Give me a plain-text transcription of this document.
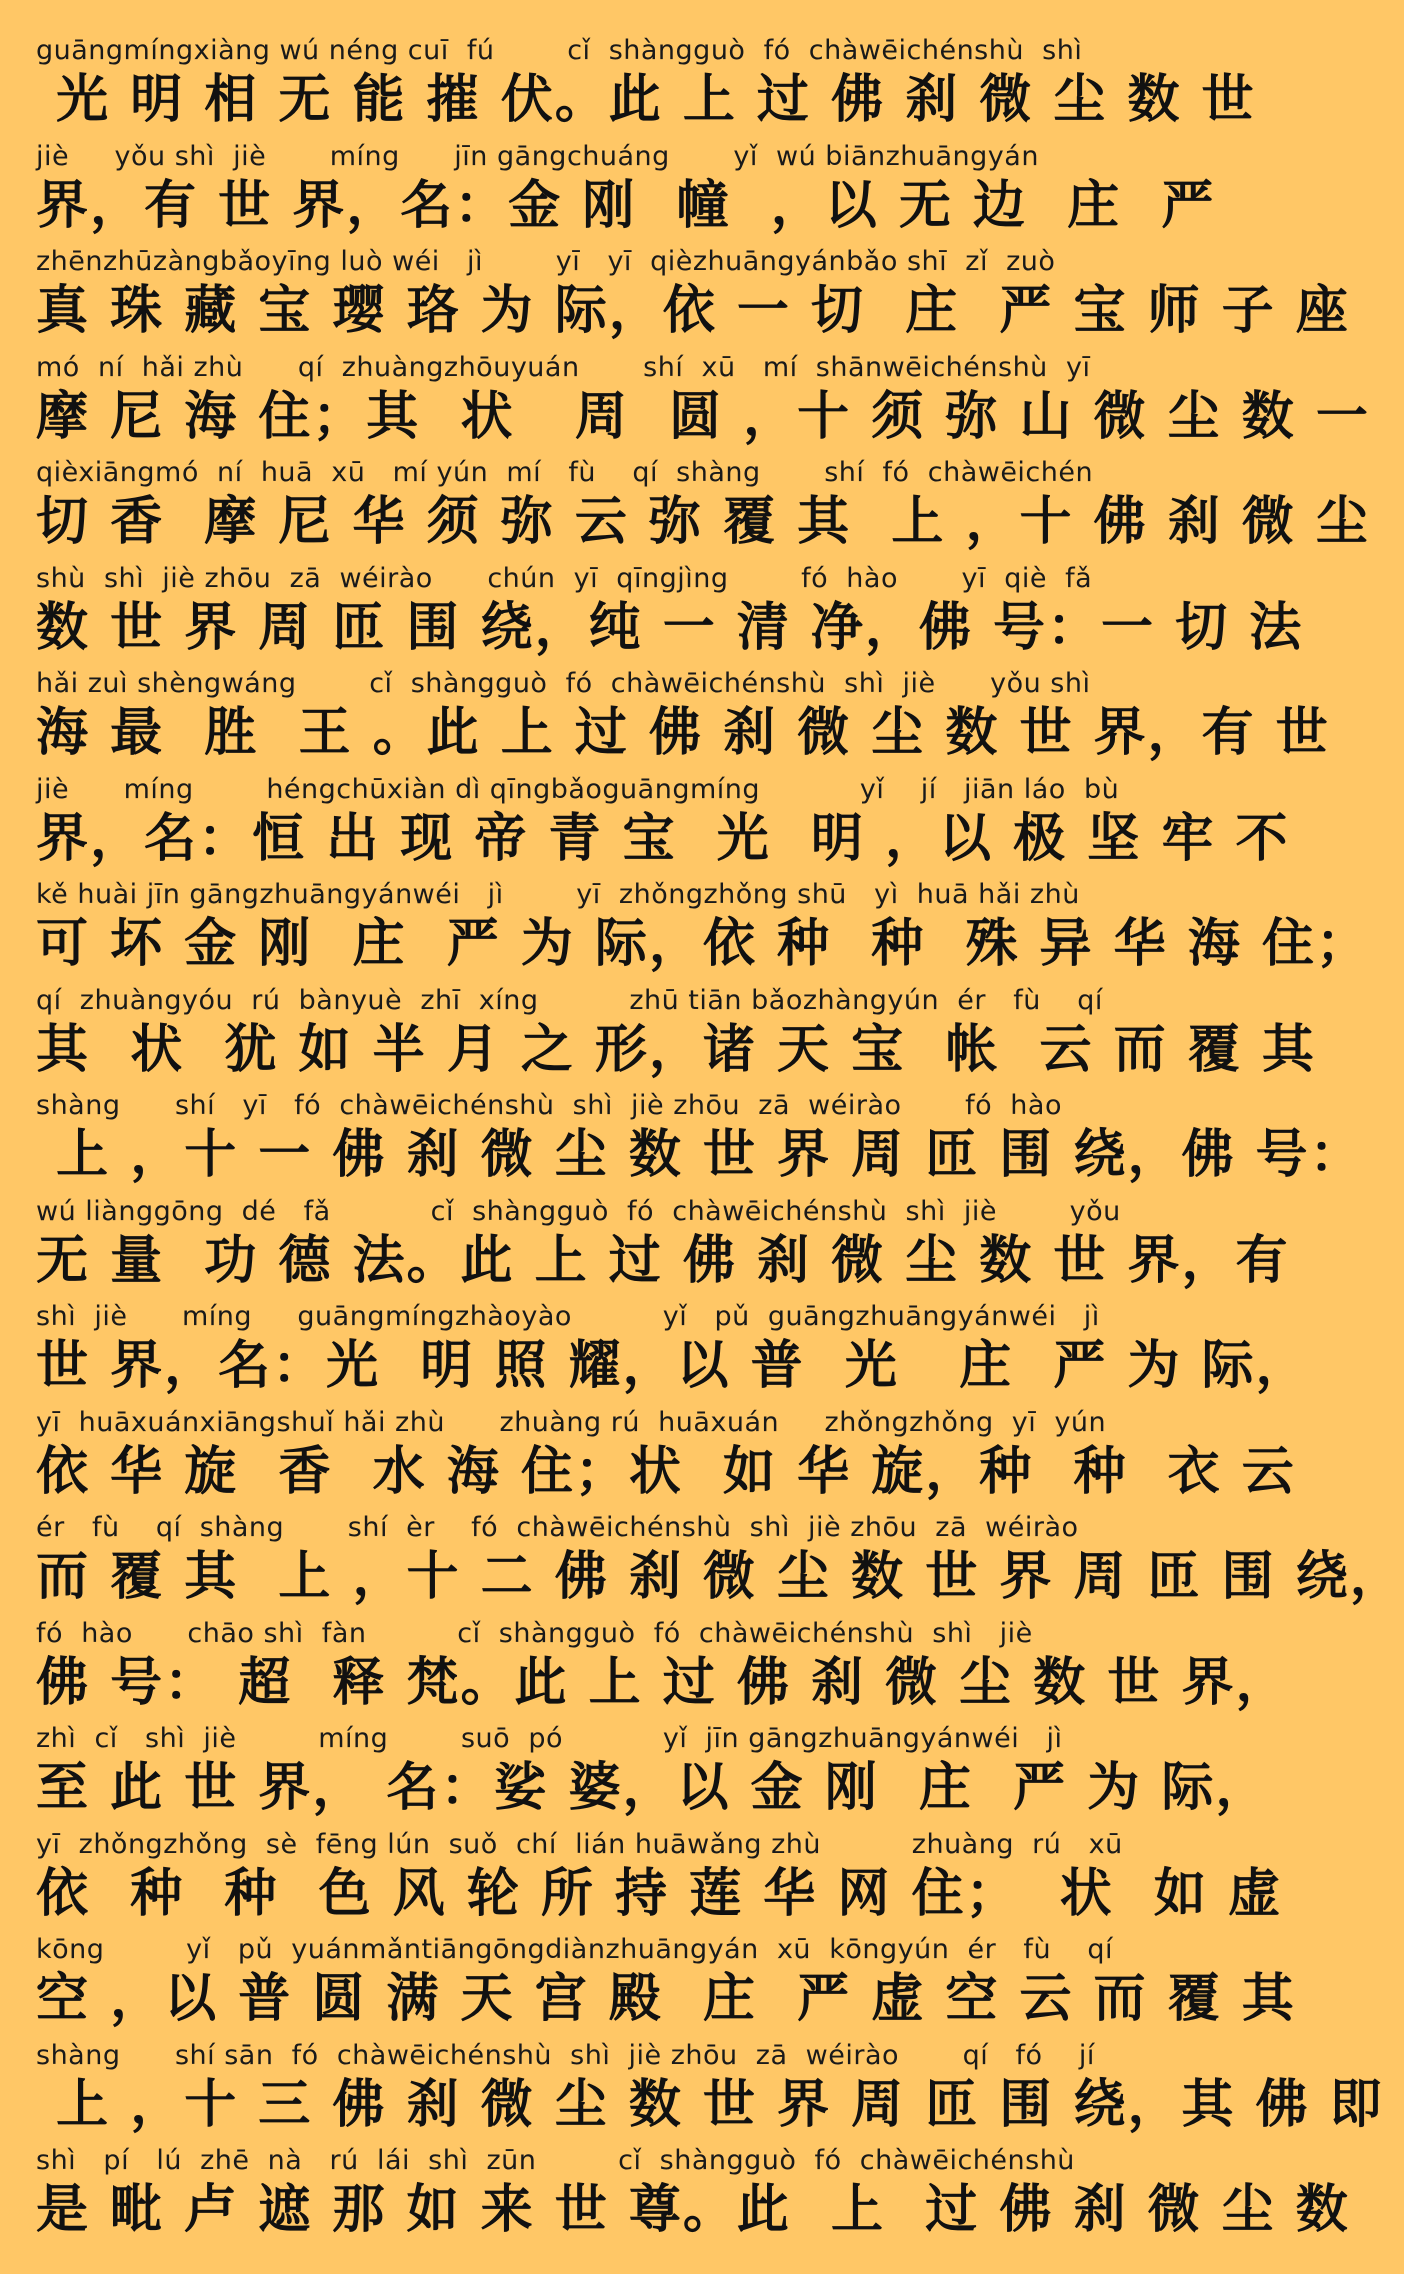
guāngmíngxiàng wú néng cuī  fú        cǐ  shàngguò  fó  chàwēichénshù  shì
光 明 相 无 能 摧 伏。此 上 过 佛 刹 微 尘 数 世
jiè     yǒu shì  jiè       míng      jīn gāngchuáng       yǐ  wú biānzhuāngyán
界，有 世 界，名：金 刚  幢  ，以 无 边  庄  严
zhēnzhūzàngbǎoyīng luò wéi   jì        yī   yī  qièzhuāngyánbǎo shī  zǐ  zuò
真 珠 藏 宝 璎 珞 为 际，依 一 切  庄  严 宝 师 子 座
mó  ní  hǎi zhù      qí  zhuàngzhōuyuán       shí  xū   mí  shānwēichénshù  yī
摩 尼 海 住；其  状   周  圆 ，十 须 弥 山 微 尘 数 一
qièxiāngmó  ní  huā  xū   mí yún  mí   fù    qí  shàng       shí  fó  chàwēichén
切 香  摩 尼 华 须 弥 云 弥 覆 其  上 ，十 佛 刹 微 尘
shù  shì  jiè zhōu  zā  wéirào      chún  yī  qīngjìng        fó  hào       yī  qiè  fǎ
数 世 界 周 匝 围 绕，纯 一 清 净，佛 号：一 切 法
hǎi zuì shèngwáng        cǐ  shàngguò  fó  chàwēichénshù  shì  jiè      yǒu shì
海 最  胜  王 。此 上 过 佛 刹 微 尘 数 世 界，有 世
jiè      míng        héngchūxiàn dì qīngbǎoguāngmíng           yǐ    jí   jiān láo  bù
界，名：恒 出 现 帝 青 宝  光  明 ，以 极 坚 牢 不
kě huài jīn gāngzhuāngyánwéi   jì        yī  zhǒngzhǒng shū   yì  huā hǎi zhù
可 坏 金 刚  庄  严 为 际，依 种  种  殊 异 华 海 住；
qí  zhuàngyóu  rú  bànyuè  zhī  xíng          zhū tiān bǎozhàngyún  ér   fù    qí
其  状  犹 如 半 月 之 形，诸 天 宝  帐  云 而 覆 其
shàng      shí   yī   fó  chàwēichénshù  shì  jiè zhōu  zā  wéirào       fó  hào
上 ，十 一 佛 刹 微 尘 数 世 界 周 匝 围 绕，佛 号：
wú liànggōng  dé   fǎ           cǐ  shàngguò  fó  chàwēichénshù  shì  jiè        yǒu
无 量  功 德 法。此 上 过 佛 刹 微 尘 数 世 界，有
shì  jiè      míng     guāngmíngzhàoyào          yǐ   pǔ  guāngzhuāngyánwéi   jì
世 界，名：光  明 照 耀，以 普  光   庄  严 为 际，
yī  huāxuánxiāngshuǐ hǎi zhù      zhuàng rú  huāxuán     zhǒngzhǒng  yī  yún
依 华 旋  香  水 海 住；状  如 华 旋，种  种  衣 云
ér   fù    qí  shàng       shí  èr    fó  chàwēichénshù  shì  jiè zhōu  zā  wéirào
而 覆 其  上 ，十 二 佛 刹 微 尘 数 世 界 周 匝 围 绕，
fó  hào      chāo shì  fàn          cǐ  shàngguò  fó  chàwēichénshù  shì   jiè
佛 号： 超  释 梵。此 上 过 佛 刹 微 尘 数 世 界，
zhì  cǐ   shì  jiè         míng        suō  pó           yǐ  jīn gāngzhuāngyánwéi   jì
至 此 世 界， 名：娑 婆，以 金 刚  庄  严 为 际，
yī  zhǒngzhǒng  sè  fēng lún  suǒ  chí  lián huāwǎng zhù          zhuàng  rú   xū
依  种  种  色 风 轮 所 持 莲 华 网 住；  状  如 虚
kōng         yǐ   pǔ  yuánmǎntiāngōngdiànzhuāngyán  xū  kōngyún  ér   fù    qí
空 ，以 普 圆 满 天 宫 殿  庄  严 虚 空 云 而 覆 其
shàng      shí sān  fó  chàwēichénshù  shì  jiè zhōu  zā  wéirào       qí   fó    jí
上 ，十 三 佛 刹 微 尘 数 世 界 周 匝 围 绕，其 佛 即
shì   pí   lú  zhē  nà   rú  lái  shì  zūn         cǐ  shàngguò  fó  chàwēichénshù
是 毗 卢 遮 那 如 来 世 尊。此  上  过 佛 刹 微 尘 数
